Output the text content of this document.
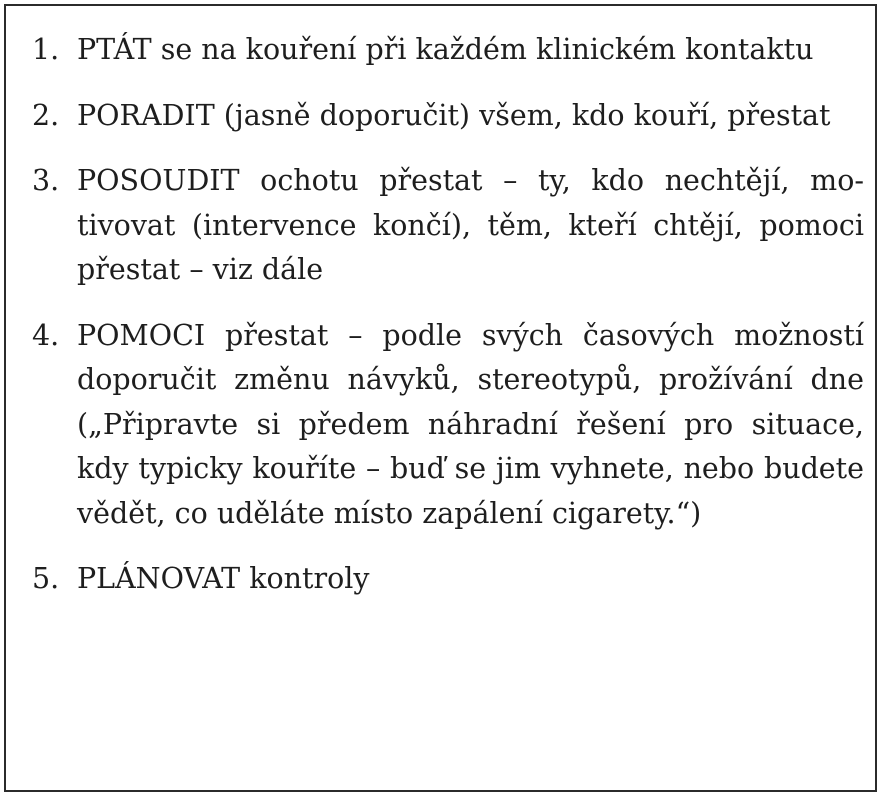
1. PTÁT se na kouření při každém klinickém kontaktu
2. PORADIT (jasně doporučit) všem, kdo kouří, přestat
3. POSOUDIT ochotu přestat – ty, kdo nechtějí, motivovat (intervence končí), těm, kteří chtějí, pomoci přestat – viz dále
4. POMOCI přestat – podle svých časových možností doporučit změnu návyků, stereotypů, prožívání dne („Připravte si předem náhradní řešení pro situace, kdy typicky kouříte – buď se jim vyhnete, nebo budete vědět, co uděláte místo zapálení cigarety.“)
5. PLÁNOVAT kontroly
